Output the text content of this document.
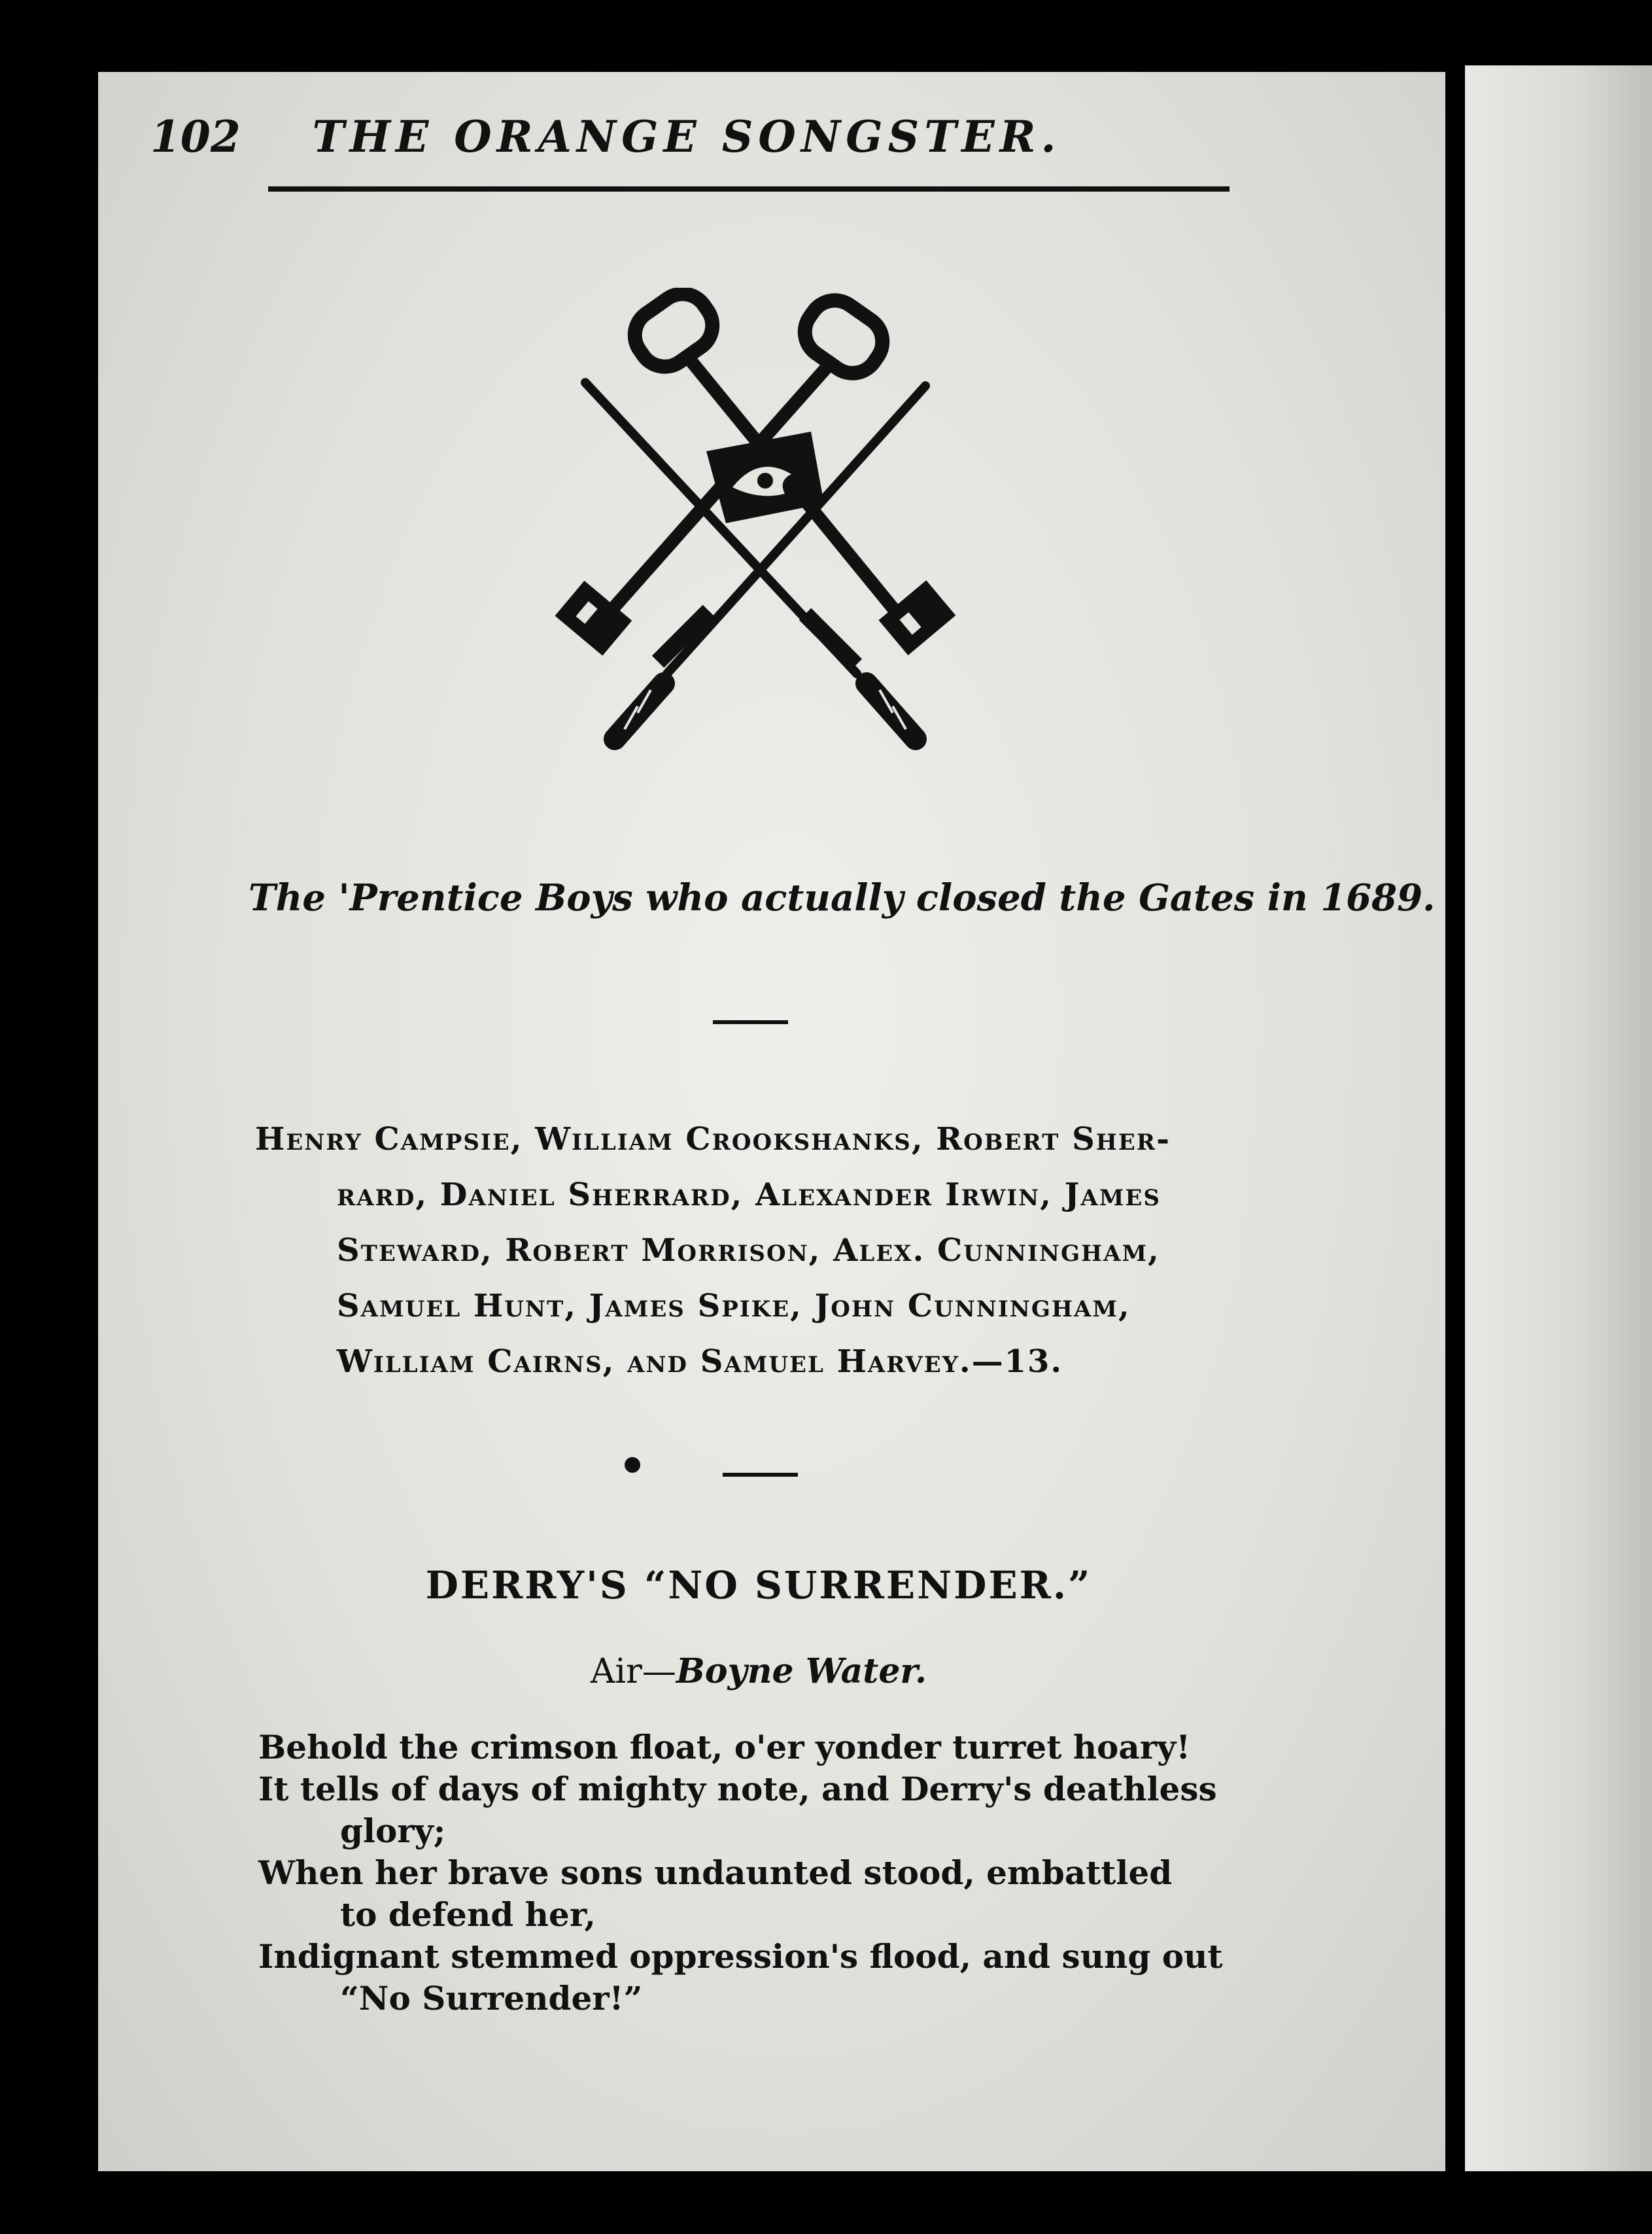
102	THE ORANGE SONGSTER.
The 'Prentice Boys who actually closed the Gates in 1689.

Henry Campsie, William Crookshanks, Robert Sher-

rard, Daniel Sherrard, Alexander Irwin, James

Steward, Robert Morrison, Alex. Cunningham,

Samuel Hunt, James Spike, John Cunningham,

William Cairns, and Samuel Harvey.—13.

DERRY'S “NO SURRENDER.”
Air—Boyne Water.

Behold the crimson float, o'er yonder turret hoary!

It tells of days of mighty note, and Derry's deathless

glory;

When her brave sons undaunted stood, embattled

to defend her,

Indignant stemmed oppression's flood, and sung out

“No Surrender!”
